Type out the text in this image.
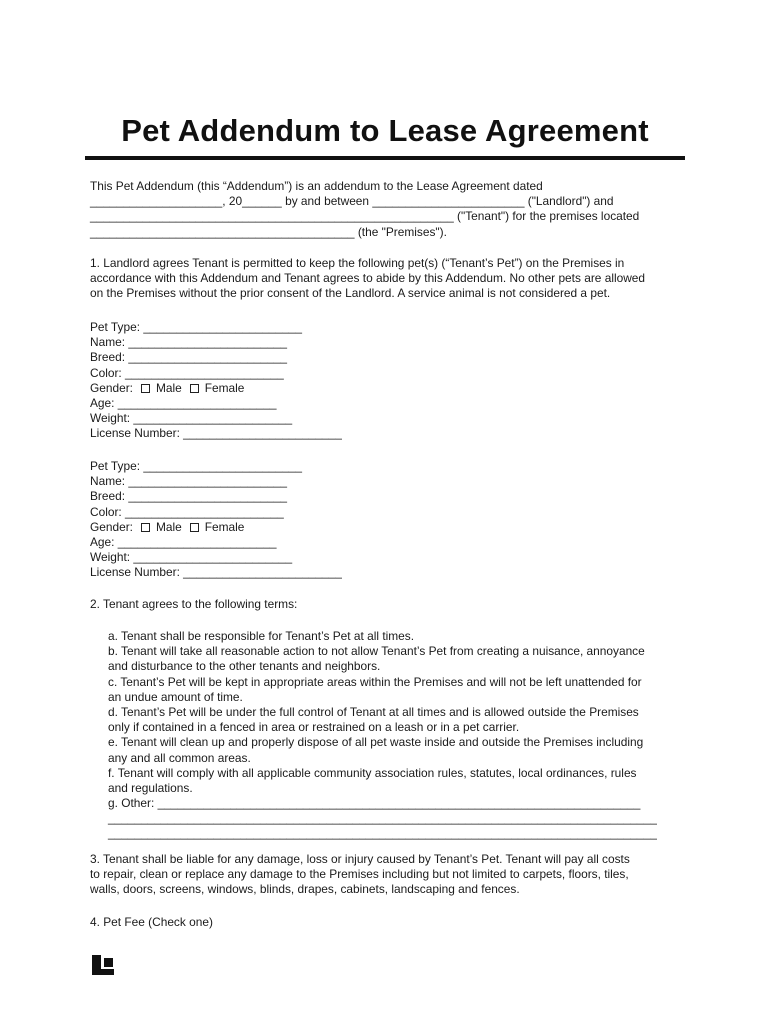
Pet Addendum to Lease Agreement
This Pet Addendum (this “Addendum”) is an addendum to the Lease Agreement dated
____________________, 20______ by and between _______________________ ("Landlord") and
_______________________________________________________ ("Tenant") for the premises located
________________________________________ (the "Premises").
1. Landlord agrees Tenant is permitted to keep the following pet(s) (“Tenant’s Pet”) on the Premises in
accordance with this Addendum and Tenant agrees to abide by this Addendum. No other pets are allowed
on the Premises without the prior consent of the Landlord. A service animal is not considered a pet.
Pet Type: ________________________
Name: ________________________
Breed: ________________________
Color: ________________________
Gender: Male Female
Age: ________________________
Weight: ________________________
License Number: ________________________
Pet Type: ________________________
Name: ________________________
Breed: ________________________
Color: ________________________
Gender: Male Female
Age: ________________________
Weight: ________________________
License Number: ________________________
2. Tenant agrees to the following terms:
a. Tenant shall be responsible for Tenant’s Pet at all times.
b. Tenant will take all reasonable action to not allow Tenant’s Pet from creating a nuisance, annoyance
and disturbance to the other tenants and neighbors.
c. Tenant’s Pet will be kept in appropriate areas within the Premises and will not be left unattended for
an undue amount of time.
d. Tenant’s Pet will be under the full control of Tenant at all times and is allowed outside the Premises
only if contained in a fenced in area or restrained on a leash or in a pet carrier.
e. Tenant will clean up and properly dispose of all pet waste inside and outside the Premises including
any and all common areas.
f. Tenant will comply with all applicable community association rules, statutes, local ordinances, rules
and regulations.
g. Other: _________________________________________________________________________
___________________________________________________________________________________
___________________________________________________________________________________
3. Tenant shall be liable for any damage, loss or injury caused by Tenant’s Pet. Tenant will pay all costs
to repair, clean or replace any damage to the Premises including but not limited to carpets, floors, tiles,
walls, doors, screens, windows, blinds, drapes, cabinets, landscaping and fences.
4. Pet Fee (Check one)
